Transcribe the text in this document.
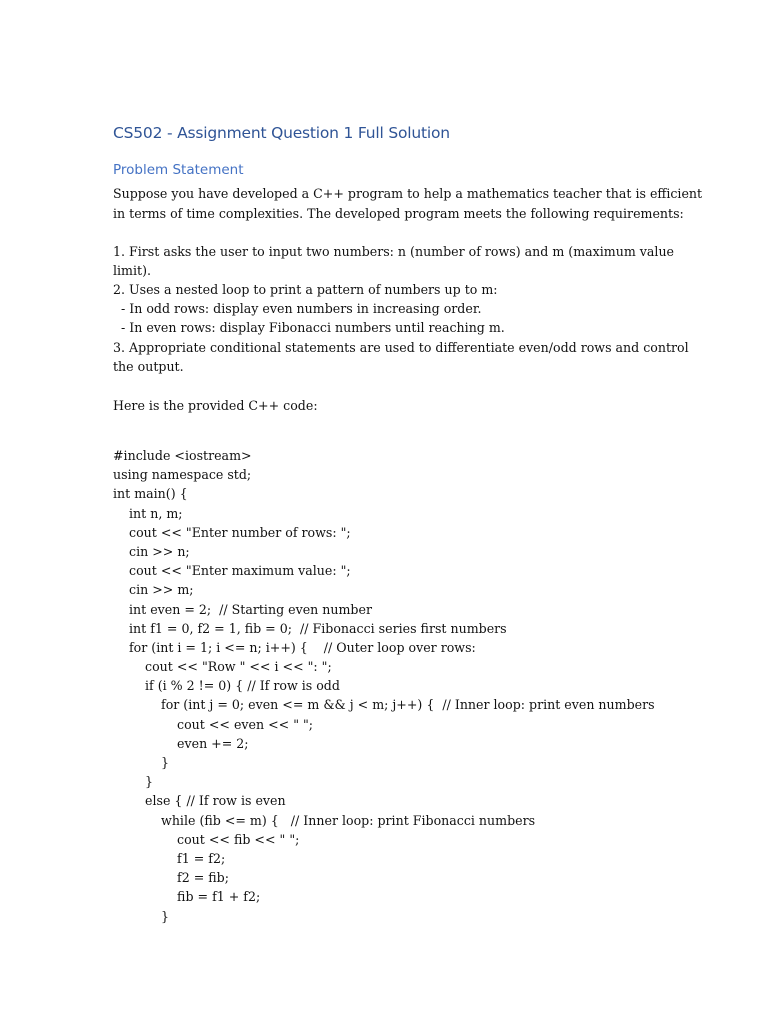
CS502 - Assignment Question 1 Full Solution
Problem Statement

Suppose you have developed a C++ program to help a mathematics teacher that is efficient

in terms of time complexities. The developed program meets the following requirements:

1. First asks the user to input two numbers: n (number of rows) and m (maximum value

limit).

2. Uses a nested loop to print a pattern of numbers up to m:

- In odd rows: display even numbers in increasing order.

- In even rows: display Fibonacci numbers until reaching m.

3. Appropriate conditional statements are used to differentiate even/odd rows and control

the output.

Here is the provided C++ code:

#include <iostream>
using namespace std;
int main() {
int n, m;
cout << "Enter number of rows: ";
cin >> n;
cout << "Enter maximum value: ";
cin >> m;
int even = 2;  // Starting even number
int f1 = 0, f2 = 1, fib = 0;  // Fibonacci series first numbers
for (int i = 1; i <= n; i++) {    // Outer loop over rows:
cout << "Row " << i << ": ";
if (i % 2 != 0) { // If row is odd
for (int j = 0; even <= m && j < m; j++) {  // Inner loop: print even numbers
cout << even << " ";
even += 2;
}
}
else { // If row is even
while (fib <= m) {   // Inner loop: print Fibonacci numbers
cout << fib << " ";
f1 = f2;
f2 = fib;
fib = f1 + f2;
}
